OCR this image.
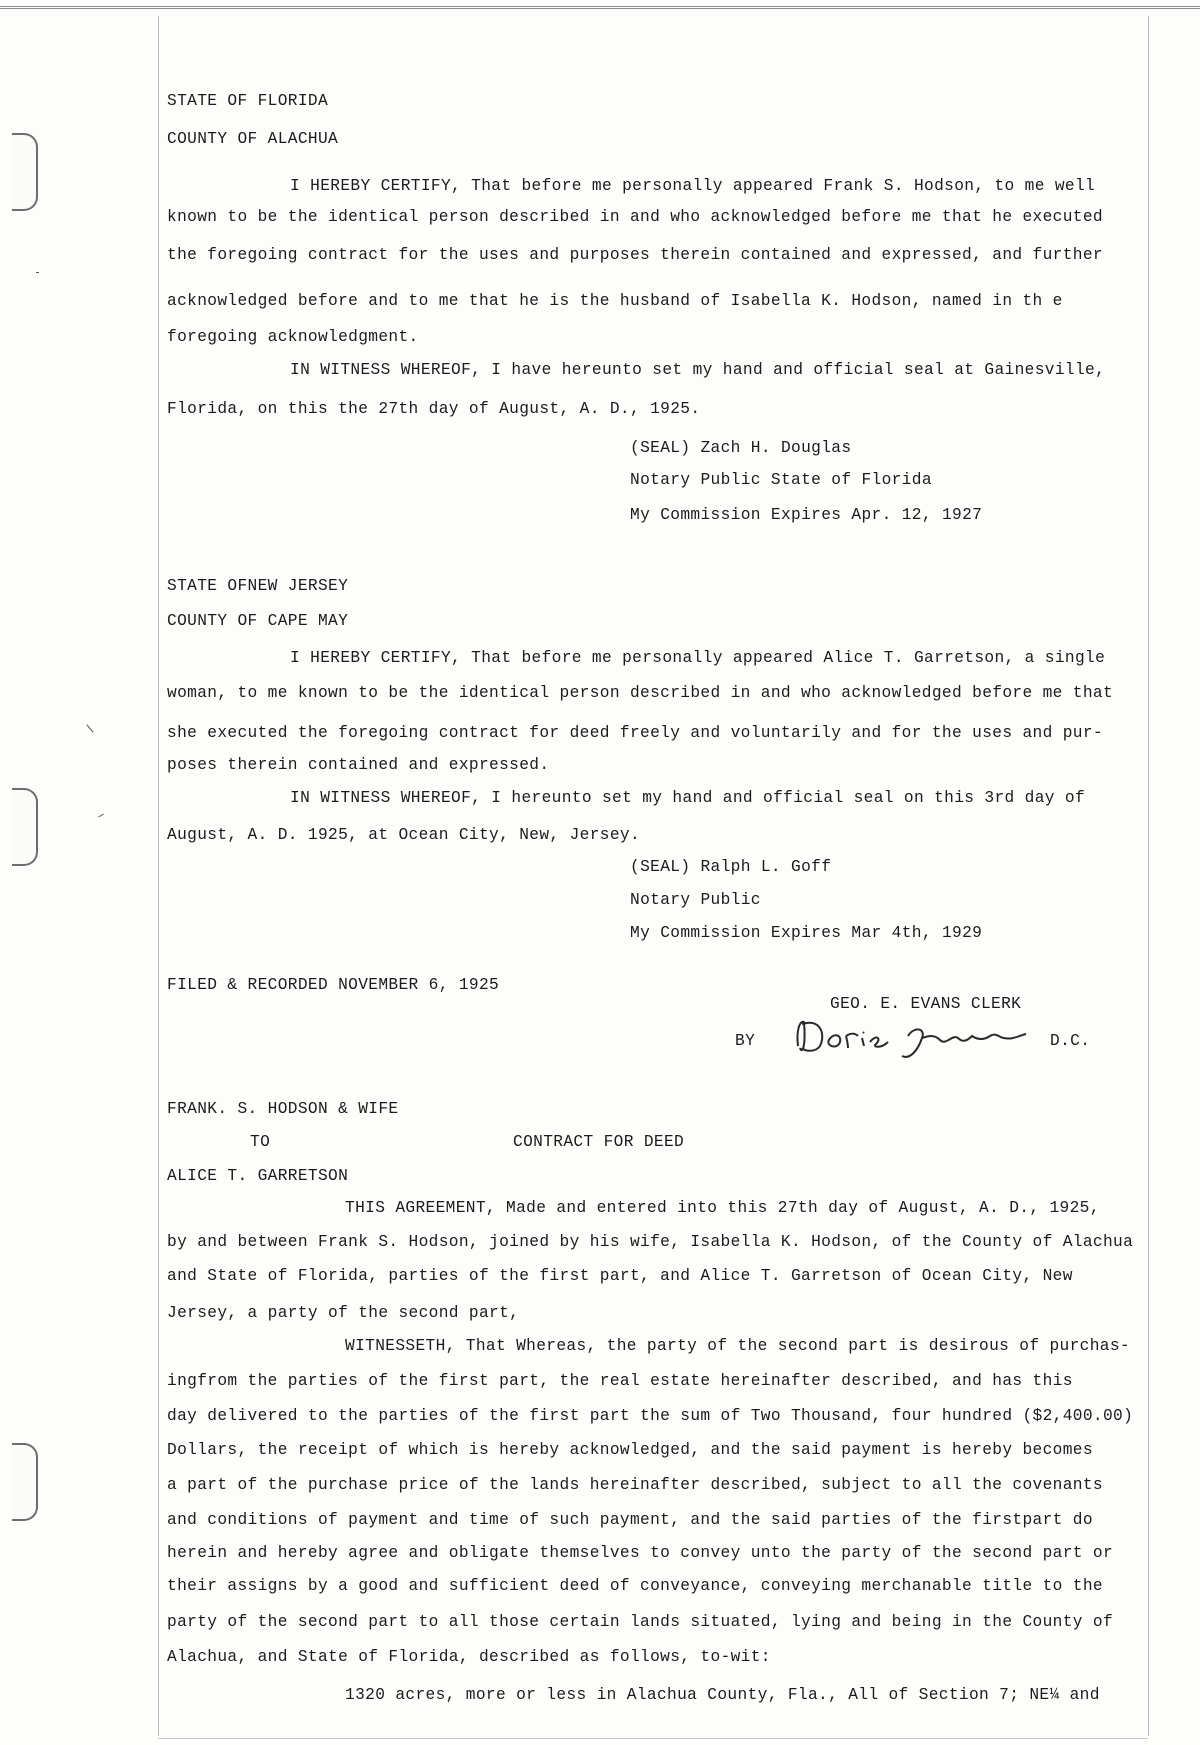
STATE OF FLORIDA
COUNTY OF ALACHUA
I HEREBY CERTIFY, That before me personally appeared Frank S. Hodson, to me well
known to be the identical person described in and who acknowledged before me that he executed
the foregoing contract for the uses and purposes therein contained and expressed, and further
acknowledged before and to me that he is the husband of Isabella K. Hodson, named in th e
foregoing acknowledgment.
IN WITNESS WHEREOF, I have hereunto set my hand and official seal at Gainesville,
Florida, on this the 27th day of August, A. D., 1925.
(SEAL) Zach H. Douglas
Notary Public State of Florida
My Commission Expires Apr. 12, 1927
STATE OFNEW JERSEY
COUNTY OF CAPE MAY
I HEREBY CERTIFY, That before me personally appeared Alice T. Garretson, a single
woman, to me known to be the identical person described in and who acknowledged before me that
she executed the foregoing contract for deed freely and voluntarily and for the uses and pur-
poses therein contained and expressed.
IN WITNESS WHEREOF, I hereunto set my hand and official seal on this 3rd day of
August, A. D. 1925, at Ocean City, New, Jersey.
(SEAL) Ralph L. Goff
Notary Public
My Commission Expires Mar 4th, 1929
FILED & RECORDED NOVEMBER 6, 1925
GEO. E. EVANS CLERK
BY	D.C.
FRANK. S. HODSON & WIFE
TO	CONTRACT FOR DEED
ALICE T. GARRETSON
THIS AGREEMENT, Made and entered into this 27th day of August, A. D., 1925,
by and between Frank S. Hodson, joined by his wife, Isabella K. Hodson, of the County of Alachua
and State of Florida, parties of the first part, and Alice T. Garretson of Ocean City, New
Jersey, a party of the second part,
WITNESSETH, That Whereas, the party of the second part is desirous of purchas-
ingfrom the parties of the first part, the real estate hereinafter described, and has this
day delivered to the parties of the first part the sum of Two Thousand, four hundred ($2,400.00)
Dollars, the receipt of which is hereby acknowledged, and the said payment is hereby becomes
a part of the purchase price of the lands hereinafter described, subject to all the covenants
and conditions of payment and time of such payment, and the said parties of the firstpart do
herein and hereby agree and obligate themselves to convey unto the party of the second part or
their assigns by a good and sufficient deed of conveyance, conveying merchanable title to the
party of the second part to all those certain lands situated, lying and being in the County of
Alachua, and State of Florida, described as follows, to-wit:
1320 acres, more or less in Alachua County, Fla., All of Section 7; NE¼ and
